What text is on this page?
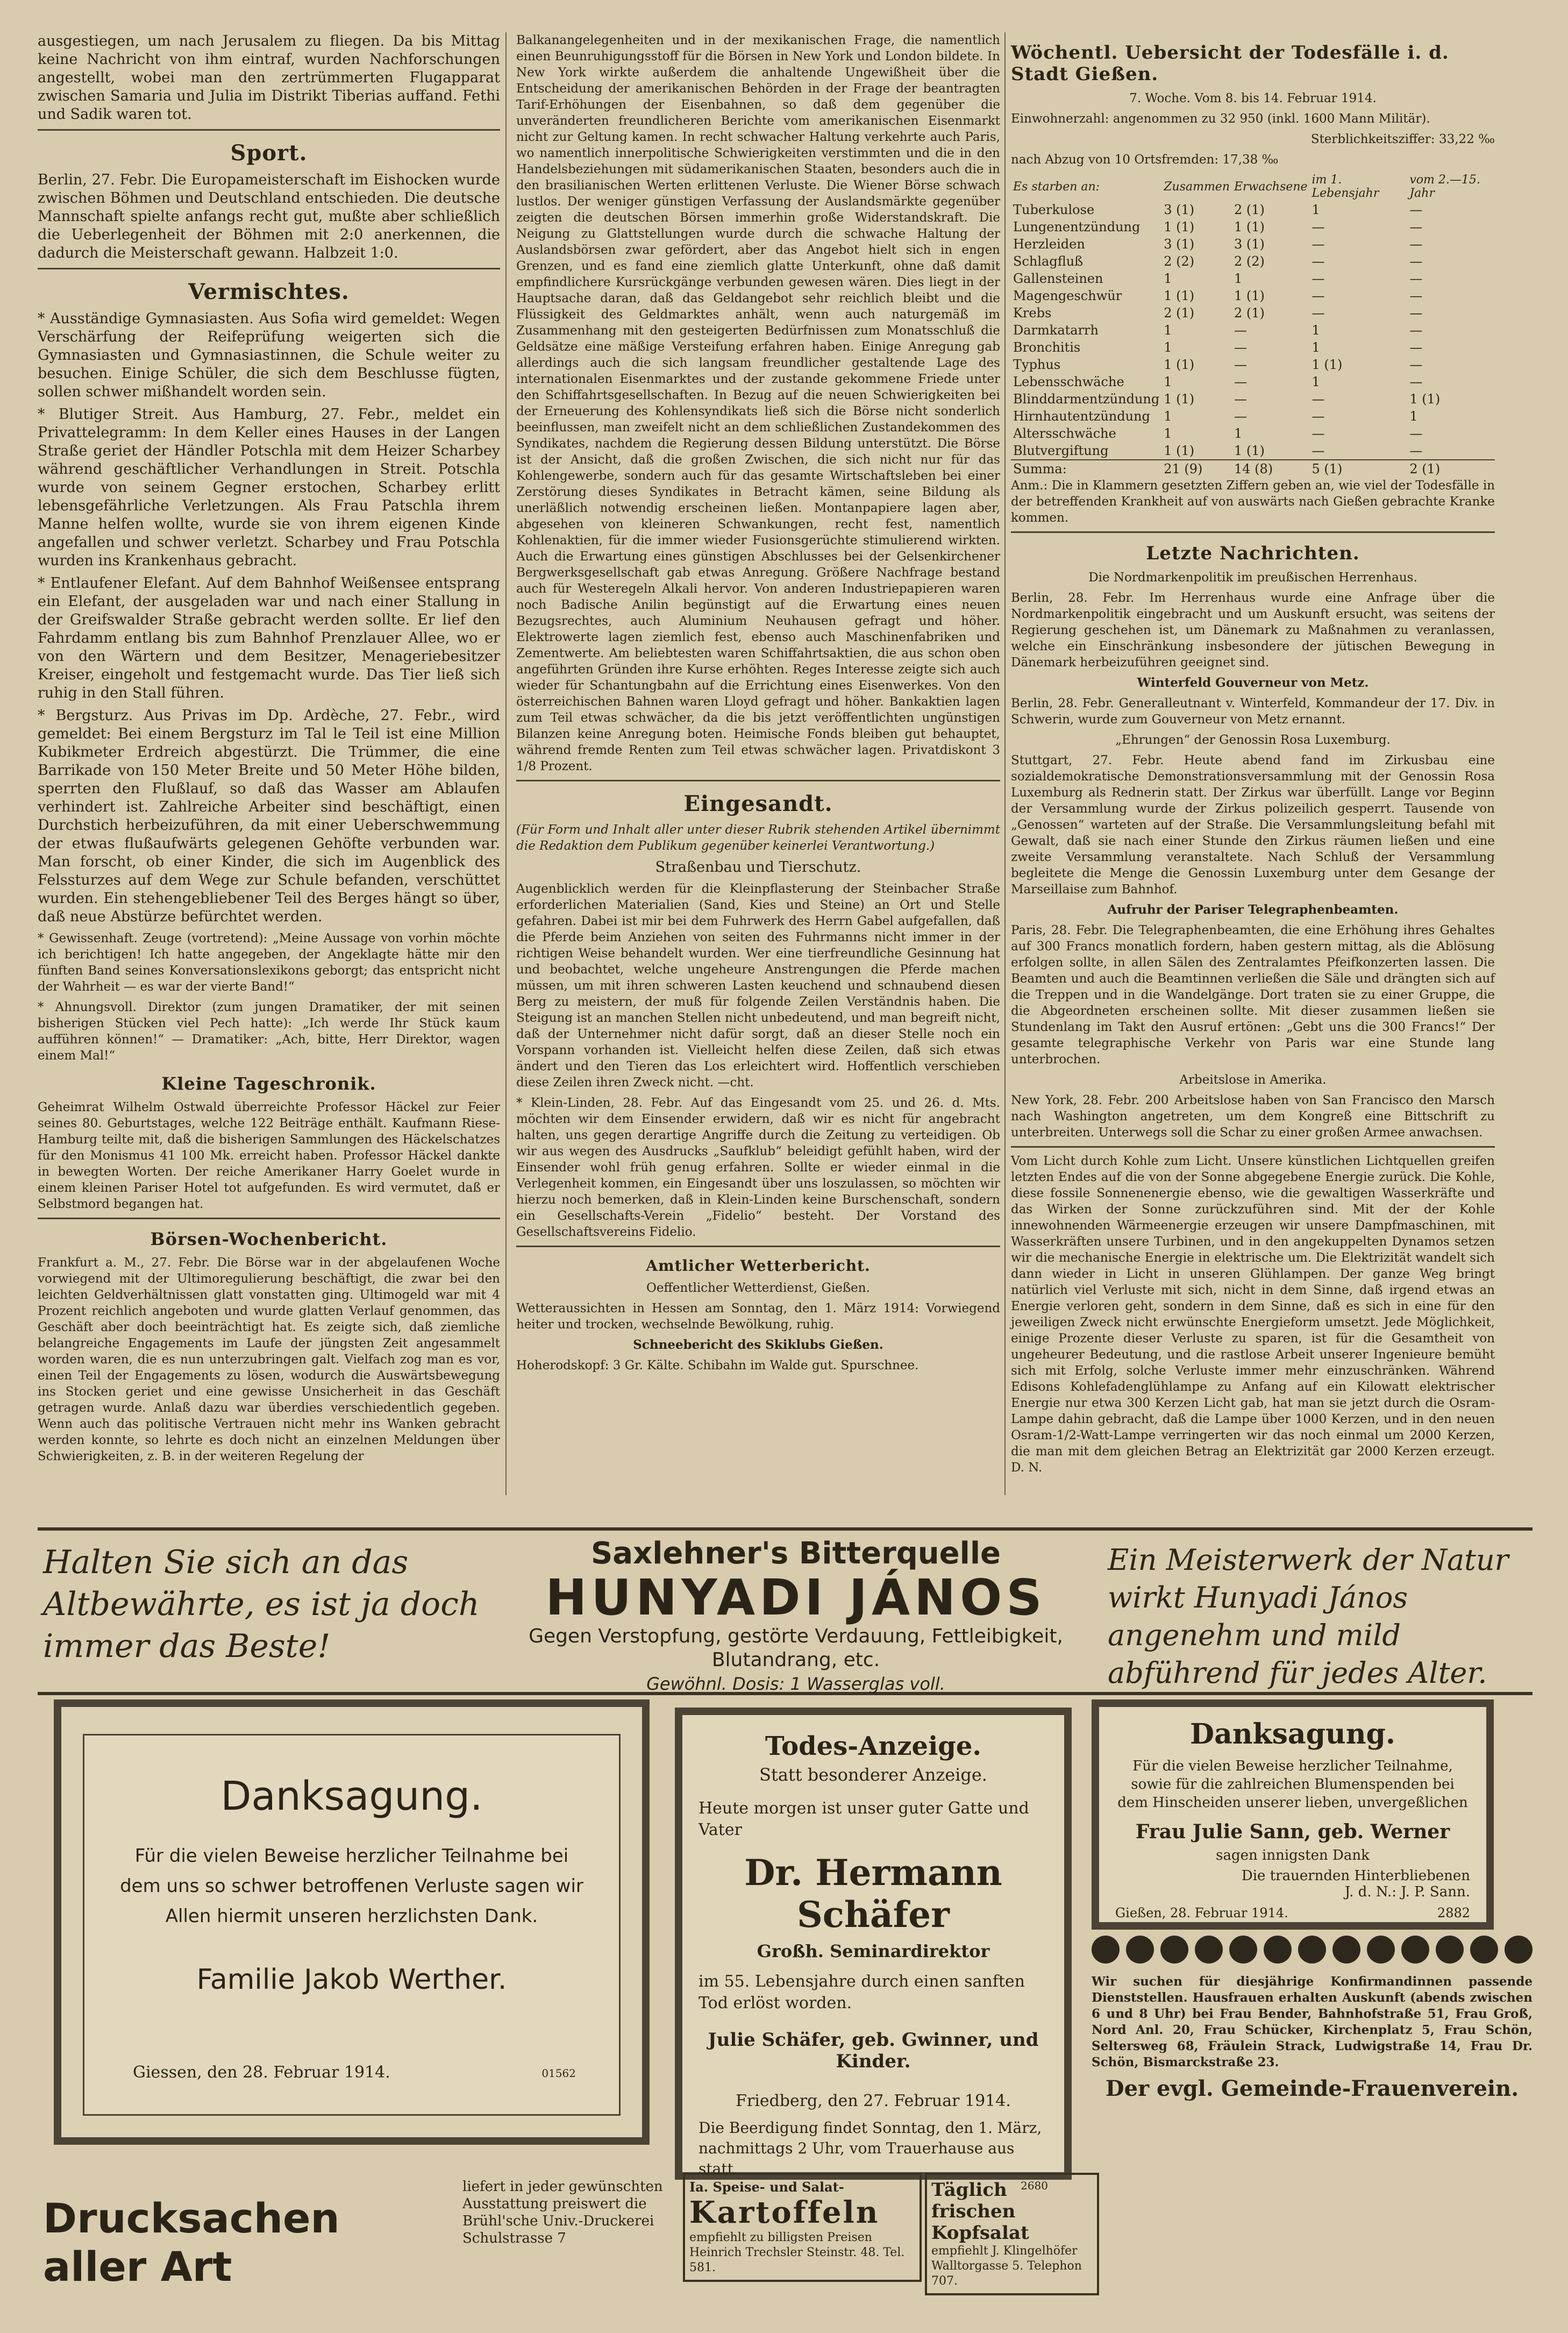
ausgestiegen, um nach Jerusalem zu fliegen. Da bis Mittag keine Nachricht von ihm eintraf, wurden Nachforschungen angestellt, wobei man den zertrümmerten Flugapparat zwischen Samaria und Julia im Distrikt Tiberias auffand. Fethi und Sadik waren tot.

Sport.

Berlin, 27. Febr. Die Europameisterschaft im Eishocken wurde zwischen Böhmen und Deutschland entschieden. Die deutsche Mannschaft spielte anfangs recht gut, mußte aber schließlich die Ueberlegenheit der Böhmen mit 2:0 anerkennen, die dadurch die Meisterschaft gewann. Halbzeit 1:0.

Vermischtes.

* Ausständige Gymnasiasten. Aus Sofia wird gemeldet: Wegen Verschärfung der Reifeprüfung weigerten sich die Gymnasiasten und Gymnasiastinnen, die Schule weiter zu besuchen. Einige Schüler, die sich dem Beschlusse fügten, sollen schwer mißhandelt worden sein.

* Blutiger Streit. Aus Hamburg, 27. Febr., meldet ein Privattelegramm: In dem Keller eines Hauses in der Langen Straße geriet der Händler Potschla mit dem Heizer Scharbey während geschäftlicher Verhandlungen in Streit. Potschla wurde von seinem Gegner erstochen, Scharbey erlitt lebensgefährliche Verletzungen. Als Frau Patschla ihrem Manne helfen wollte, wurde sie von ihrem eigenen Kinde angefallen und schwer verletzt. Scharbey und Frau Potschla wurden ins Krankenhaus gebracht.

* Entlaufener Elefant. Auf dem Bahnhof Weißensee entsprang ein Elefant, der ausgeladen war und nach einer Stallung in der Greifswalder Straße gebracht werden sollte. Er lief den Fahrdamm entlang bis zum Bahnhof Prenzlauer Allee, wo er von den Wärtern und dem Besitzer, Menageriebesitzer Kreiser, eingeholt und festgemacht wurde. Das Tier ließ sich ruhig in den Stall führen.

* Bergsturz. Aus Privas im Dp. Ardèche, 27. Febr., wird gemeldet: Bei einem Bergsturz im Tal le Teil ist eine Million Kubikmeter Erdreich abgestürzt. Die Trümmer, die eine Barrikade von 150 Meter Breite und 50 Meter Höhe bilden, sperrten den Flußlauf, so daß das Wasser am Ablaufen verhindert ist. Zahlreiche Arbeiter sind beschäftigt, einen Durchstich herbeizuführen, da mit einer Ueberschwemmung der etwas flußaufwärts gelegenen Gehöfte verbunden war. Man forscht, ob einer Kinder, die sich im Augenblick des Felssturzes auf dem Wege zur Schule befanden, verschüttet wurden. Ein stehengebliebener Teil des Berges hängt so über, daß neue Abstürze befürchtet werden.

* Gewissenhaft. Zeuge (vortretend): „Meine Aussage von vorhin möchte ich berichtigen! Ich hatte angegeben, der Angeklagte hätte mir den fünften Band seines Konversationslexikons geborgt; das entspricht nicht der Wahrheit — es war der vierte Band!“

* Ahnungsvoll. Direktor (zum jungen Dramatiker, der mit seinen bisherigen Stücken viel Pech hatte): „Ich werde Ihr Stück kaum aufführen können!“ — Dramatiker: „Ach, bitte, Herr Direktor, wagen einem Mal!“

Kleine Tageschronik.

Geheimrat Wilhelm Ostwald überreichte Professor Häckel zur Feier seines 80. Geburtstages, welche 122 Beiträge enthält. Kaufmann Riese-Hamburg teilte mit, daß die bisherigen Sammlungen des Häckelschatzes für den Monismus 41 100 Mk. erreicht haben. Professor Häckel dankte in bewegten Worten. Der reiche Amerikaner Harry Goelet wurde in einem kleinen Pariser Hotel tot aufgefunden. Es wird vermutet, daß er Selbstmord begangen hat.

Börsen-Wochenbericht.

Frankfurt a. M., 27. Febr. Die Börse war in der abgelaufenen Woche vorwiegend mit der Ultimoregulierung beschäftigt, die zwar bei den leichten Geldverhältnissen glatt vonstatten ging. Ultimogeld war mit 4 Prozent reichlich angeboten und wurde glatten Verlauf genommen, das Geschäft aber doch beeinträchtigt hat. Es zeigte sich, daß ziemliche belangreiche Engagements im Laufe der jüngsten Zeit angesammelt worden waren, die es nun unterzubringen galt. Vielfach zog man es vor, einen Teil der Engagements zu lösen, wodurch die Auswärtsbewegung ins Stocken geriet und eine gewisse Unsicherheit in das Geschäft getragen wurde. Anlaß dazu war überdies verschiedentlich gegeben. Wenn auch das politische Vertrauen nicht mehr ins Wanken gebracht werden konnte, so lehrte es doch nicht an einzelnen Meldungen über Schwierigkeiten, z. B. in der weiteren Regelung der

Balkanangelegenheiten und in der mexikanischen Frage, die namentlich einen Beunruhigungsstoff für die Börsen in New York und London bildete. In New York wirkte außerdem die anhaltende Ungewißheit über die Entscheidung der amerikanischen Behörden in der Frage der beantragten Tarif-Erhöhungen der Eisenbahnen, so daß dem gegenüber die unveränderten freundlicheren Berichte vom amerikanischen Eisenmarkt nicht zur Geltung kamen. In recht schwacher Haltung verkehrte auch Paris, wo namentlich innerpolitische Schwierigkeiten verstimmten und die in den Handelsbeziehungen mit südamerikanischen Staaten, besonders auch die in den brasilianischen Werten erlittenen Verluste. Die Wiener Börse schwach lustlos. Der weniger günstigen Verfassung der Auslandsmärkte gegenüber zeigten die deutschen Börsen immerhin große Widerstandskraft. Die Neigung zu Glattstellungen wurde durch die schwache Haltung der Auslandsbörsen zwar gefördert, aber das Angebot hielt sich in engen Grenzen, und es fand eine ziemlich glatte Unterkunft, ohne daß damit empfindlichere Kursrückgänge verbunden gewesen wären. Dies liegt in der Hauptsache daran, daß das Geldangebot sehr reichlich bleibt und die Flüssigkeit des Geldmarktes anhält, wenn auch naturgemäß im Zusammenhang mit den gesteigerten Bedürfnissen zum Monatsschluß die Geldsätze eine mäßige Versteifung erfahren haben. Einige Anregung gab allerdings auch die sich langsam freundlicher gestaltende Lage des internationalen Eisenmarktes und der zustande gekommene Friede unter den Schiffahrtsgesellschaften. In Bezug auf die neuen Schwierigkeiten bei der Erneuerung des Kohlensyndikats ließ sich die Börse nicht sonderlich beeinflussen, man zweifelt nicht an dem schließlichen Zustandekommen des Syndikates, nachdem die Regierung dessen Bildung unterstützt. Die Börse ist der Ansicht, daß die großen Zwischen, die sich nicht nur für das Kohlengewerbe, sondern auch für das gesamte Wirtschaftsleben bei einer Zerstörung dieses Syndikates in Betracht kämen, seine Bildung als unerläßlich notwendig erscheinen ließen. Montanpapiere lagen aber, abgesehen von kleineren Schwankungen, recht fest, namentlich Kohlenaktien, für die immer wieder Fusionsgerüchte stimulierend wirkten. Auch die Erwartung eines günstigen Abschlusses bei der Gelsenkirchener Bergwerksgesellschaft gab etwas Anregung. Größere Nachfrage bestand auch für Westeregeln Alkali hervor. Von anderen Industriepapieren waren noch Badische Anilin begünstigt auf die Erwartung eines neuen Bezugsrechtes, auch Aluminium Neuhausen gefragt und höher. Elektrowerte lagen ziemlich fest, ebenso auch Maschinenfabriken und Zementwerte. Am beliebtesten waren Schiffahrtsaktien, die aus schon oben angeführten Gründen ihre Kurse erhöhten. Reges Interesse zeigte sich auch wieder für Schantungbahn auf die Errichtung eines Eisenwerkes. Von den österreichischen Bahnen waren Lloyd gefragt und höher. Bankaktien lagen zum Teil etwas schwächer, da die bis jetzt veröffentlichten ungünstigen Bilanzen keine Anregung boten. Heimische Fonds bleiben gut behauptet, während fremde Renten zum Teil etwas schwächer lagen. Privatdiskont 3 1/8 Prozent.

Eingesandt.

(Für Form und Inhalt aller unter dieser Rubrik stehenden Artikel übernimmt die Redaktion dem Publikum gegenüber keinerlei Verantwortung.)

Straßenbau und Tierschutz.

Augenblicklich werden für die Kleinpflasterung der Steinbacher Straße erforderlichen Materialien (Sand, Kies und Steine) an Ort und Stelle gefahren. Dabei ist mir bei dem Fuhrwerk des Herrn Gabel aufgefallen, daß die Pferde beim Anziehen von seiten des Fuhrmanns nicht immer in der richtigen Weise behandelt wurden. Wer eine tierfreundliche Gesinnung hat und beobachtet, welche ungeheure Anstrengungen die Pferde machen müssen, um mit ihren schweren Lasten keuchend und schnaubend diesen Berg zu meistern, der muß für folgende Zeilen Verständnis haben. Die Steigung ist an manchen Stellen nicht unbedeutend, und man begreift nicht, daß der Unternehmer nicht dafür sorgt, daß an dieser Stelle noch ein Vorspann vorhanden ist. Vielleicht helfen diese Zeilen, daß sich etwas ändert und den Tieren das Los erleichtert wird. Hoffentlich verschieben diese Zeilen ihren Zweck nicht. —cht.

* Klein-Linden, 28. Febr. Auf das Eingesandt vom 25. und 26. d. Mts. möchten wir dem Einsender erwidern, daß wir es nicht für angebracht halten, uns gegen derartige Angriffe durch die Zeitung zu verteidigen. Ob wir aus wegen des Ausdrucks „Saufklub“ beleidigt gefühlt haben, wird der Einsender wohl früh genug erfahren. Sollte er wieder einmal in die Verlegenheit kommen, ein Eingesandt über uns loszulassen, so möchten wir hierzu noch bemerken, daß in Klein-Linden keine Burschenschaft, sondern ein Gesellschafts-Verein „Fidelio“ besteht. Der Vorstand des Gesellschaftsvereins Fidelio.

Amtlicher Wetterbericht.

Oeffentlicher Wetterdienst, Gießen.

Wetteraussichten in Hessen am Sonntag, den 1. März 1914: Vorwiegend heiter und trocken, wechselnde Bewölkung, ruhig.

Schneebericht des Skiklubs Gießen.

Hoherodskopf: 3 Gr. Kälte. Schibahn im Walde gut. Spurschnee.

Wöchentl. Uebersicht der Todesfälle i. d. Stadt Gießen.

7. Woche. Vom 8. bis 14. Februar 1914.

Einwohnerzahl: angenommen zu 32 950 (inkl. 1600 Mann Militär).

Sterblichkeitsziffer: 33,22 ‰

nach Abzug von 10 Ortsfremden: 17,38 ‰

Es starben an:	Zusammen	Erwachsene	im 1. Lebensjahr	vom 2.—15. Jahr
Tuberkulose	3 (1)	2 (1)	1	—
Lungenentzündung	1 (1)	1 (1)	—	—
Herzleiden	3 (1)	3 (1)	—	—
Schlagfluß	2 (2)	2 (2)	—	—
Gallensteinen	1	1	—	—
Magengeschwür	1 (1)	1 (1)	—	—
Krebs	2 (1)	2 (1)	—	—
Darmkatarrh	1	—	1	—
Bronchitis	1	—	1	—
Typhus	1 (1)	—	1 (1)	—
Lebensschwäche	1	—	1	—
Blinddarmentzündung	1 (1)	—	—	1 (1)
Hirnhautentzündung	1	—	—	1
Altersschwäche	1	1	—	—
Blutvergiftung	1 (1)	1 (1)	—	—
Summa:	21 (9)	14 (8)	5 (1)	2 (1)

Anm.: Die in Klammern gesetzten Ziffern geben an, wie viel der Todesfälle in der betreffenden Krankheit auf von auswärts nach Gießen gebrachte Kranke kommen.

Letzte Nachrichten.

Die Nordmarkenpolitik im preußischen Herrenhaus.

Berlin, 28. Febr. Im Herrenhaus wurde eine Anfrage über die Nordmarkenpolitik eingebracht und um Auskunft ersucht, was seitens der Regierung geschehen ist, um Dänemark zu Maßnahmen zu veranlassen, welche ein Einschränkung insbesondere der jütischen Bewegung in Dänemark herbeizuführen geeignet sind.

Winterfeld Gouverneur von Metz.

Berlin, 28. Febr. Generalleutnant v. Winterfeld, Kommandeur der 17. Div. in Schwerin, wurde zum Gouverneur von Metz ernannt.

„Ehrungen“ der Genossin Rosa Luxemburg.

Stuttgart, 27. Febr. Heute abend fand im Zirkusbau eine sozialdemokratische Demonstrationsversammlung mit der Genossin Rosa Luxemburg als Rednerin statt. Der Zirkus war überfüllt. Lange vor Beginn der Versammlung wurde der Zirkus polizeilich gesperrt. Tausende von „Genossen“ warteten auf der Straße. Die Versammlungsleitung befahl mit Gewalt, daß sie nach einer Stunde den Zirkus räumen ließen und eine zweite Versammlung veranstaltete. Nach Schluß der Versammlung begleitete die Menge die Genossin Luxemburg unter dem Gesange der Marseillaise zum Bahnhof.

Aufruhr der Pariser Telegraphenbeamten.

Paris, 28. Febr. Die Telegraphenbeamten, die eine Erhöhung ihres Gehaltes auf 300 Francs monatlich fordern, haben gestern mittag, als die Ablösung erfolgen sollte, in allen Sälen des Zentralamtes Pfeifkonzerten lassen. Die Beamten und auch die Beamtinnen verließen die Säle und drängten sich auf die Treppen und in die Wandelgänge. Dort traten sie zu einer Gruppe, die die Abgeordneten erscheinen sollte. Mit dieser zusammen ließen sie Stundenlang im Takt den Ausruf ertönen: „Gebt uns die 300 Francs!“ Der gesamte telegraphische Verkehr von Paris war eine Stunde lang unterbrochen.

Arbeitslose in Amerika.

New York, 28. Febr. 200 Arbeitslose haben von San Francisco den Marsch nach Washington angetreten, um dem Kongreß eine Bittschrift zu unterbreiten. Unterwegs soll die Schar zu einer großen Armee anwachsen.

Vom Licht durch Kohle zum Licht. Unsere künstlichen Lichtquellen greifen letzten Endes auf die von der Sonne abgegebene Energie zurück. Die Kohle, diese fossile Sonnenenergie ebenso, wie die gewaltigen Wasserkräfte und das Wirken der Sonne zurückzuführen sind. Mit der der Kohle innewohnenden Wärmeenergie erzeugen wir unsere Dampfmaschinen, mit Wasserkräften unsere Turbinen, und in den angekuppelten Dynamos setzen wir die mechanische Energie in elektrische um. Die Elektrizität wandelt sich dann wieder in Licht in unseren Glühlampen. Der ganze Weg bringt natürlich viel Verluste mit sich, nicht in dem Sinne, daß irgend etwas an Energie verloren geht, sondern in dem Sinne, daß es sich in eine für den jeweiligen Zweck nicht erwünschte Energieform umsetzt. Jede Möglichkeit, einige Prozente dieser Verluste zu sparen, ist für die Gesamtheit von ungeheurer Bedeutung, und die rastlose Arbeit unserer Ingenieure bemüht sich mit Erfolg, solche Verluste immer mehr einzuschränken. Während Edisons Kohlefadenglühlampe zu Anfang auf ein Kilowatt elektrischer Energie nur etwa 300 Kerzen Licht gab, hat man sie jetzt durch die Osram-Lampe dahin gebracht, daß die Lampe über 1000 Kerzen, und in den neuen Osram-1/2-Watt-Lampe verringerten wir das noch einmal um 2000 Kerzen, die man mit dem gleichen Betrag an Elektrizität gar 2000 Kerzen erzeugt. D. N.

Halten Sie sich an das Altbewährte, es ist ja doch immer das Beste!
Saxlehner's Bitterquelle
HUNYADI JÁNOS
Gegen Verstopfung, gestörte Verdauung, Fettleibigkeit, Blutandrang, etc.
Gewöhnl. Dosis: 1 Wasserglas voll.
Ein Meisterwerk der Natur wirkt Hunyadi János angenehm und mild abführend für jedes Alter.
Danksagung.
Für die vielen Beweise herzlicher Teilnahme bei dem uns so schwer betroffenen Verluste sagen wir Allen hiermit unseren herzlichsten Dank.
Familie Jakob Werther.
Giessen, den 28. Februar 1914.	01562
Todes-Anzeige.
Statt besonderer Anzeige.
Heute morgen ist unser guter Gatte und Vater
Dr. Hermann Schäfer
Großh. Seminardirektor
im 55. Lebensjahre durch einen sanften Tod erlöst worden.
Julie Schäfer, geb. Gwinner, und Kinder.
Friedberg, den 27. Februar 1914.
Die Beerdigung findet Sonntag, den 1. März, nachmittags 2 Uhr, vom Trauerhause aus statt.
2680
Danksagung.
Für die vielen Beweise herzlicher Teilnahme, sowie für die zahlreichen Blumenspenden bei dem Hinscheiden unserer lieben, unvergeßlichen
Frau Julie Sann, geb. Werner
sagen innigsten Dank
Die trauernden Hinterbliebenen
J. d. N.: J. P. Sann.
Gießen, 28. Februar 1914.	2882

Wir suchen für diesjährige Konfirmandinnen passende Dienststellen. Hausfrauen erhalten Auskunft (abends zwischen 6 und 8 Uhr) bei Frau Bender, Bahnhofstraße 51, Frau Groß, Nord Anl. 20, Frau Schücker, Kirchenplatz 5, Frau Schön, Seltersweg 68, Fräulein Strack, Ludwigstraße 14, Frau Dr. Schön, Bismarckstraße 23.

Der evgl. Gemeinde-Frauenverein.
Drucksachen aller Art
liefert in jeder gewünschten Ausstattung preiswert die Brühl'sche Univ.-Druckerei Schulstrasse 7
Ia. Speise- und Salat-
Kartoffeln
empfiehlt zu billigsten Preisen Heinrich Trechsler Steinstr. 48. Tel. 581.
Täglich frischen Kopfsalat
empfiehlt J. Klingelhöfer Walltorgasse 5. Telephon 707.
